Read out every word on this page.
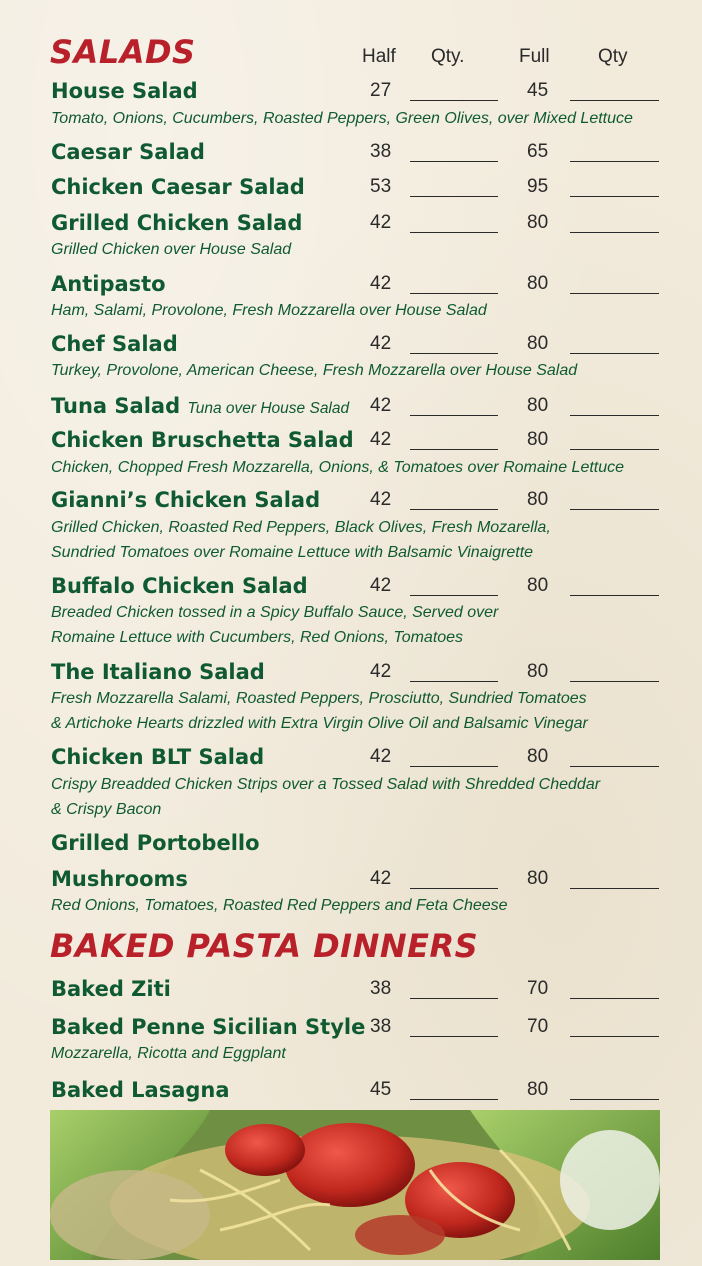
SALADS	Half Qty.	Full	Qty
House Salad	27	45

Tomato, Onions, Cucumbers, Roasted Peppers, Green Olives, over Mixed Lettuce

Caesar Salad	38	65
Chicken Caesar Salad	53	95
Grilled Chicken Salad	42	80

Grilled Chicken over House Salad

Antipasto	42	80

Ham, Salami, Provolone, Fresh Mozzarella over House Salad

Chef Salad	42	80

Turkey, Provolone, American Cheese, Fresh Mozzarella over House Salad

Tuna Salad Tuna over House Salad 42	80
Chicken Bruschetta Salad 42	80

Chicken, Chopped Fresh Mozzarella, Onions, & Tomatoes over Romaine Lettuce

Gianni’s Chicken Salad	42	80

Grilled Chicken, Roasted Red Peppers, Black Olives, Fresh Mozarella,

Sundried Tomatoes over Romaine Lettuce with Balsamic Vinaigrette

Buffalo Chicken Salad	42	80

Breaded Chicken tossed in a Spicy Buffalo Sauce, Served over

Romaine Lettuce with Cucumbers, Red Onions, Tomatoes

The Italiano Salad	42	80

Fresh Mozzarella Salami, Roasted Peppers, Prosciutto, Sundried Tomatoes

& Artichoke Hearts drizzled with Extra Virgin Olive Oil and Balsamic Vinegar

Chicken BLT Salad	42	80

Crispy Breadded Chicken Strips over a Tossed Salad with Shredded Cheddar

& Crispy Bacon

Grilled Portobello
Mushrooms	42	80

Red Onions, Tomatoes, Roasted Red Peppers and Feta Cheese

BAKED PASTA DINNERS
Baked Ziti	38	70
Baked Penne Sicilian Style 38	70

Mozzarella, Ricotta and Eggplant

Baked Lasagna	45	80
